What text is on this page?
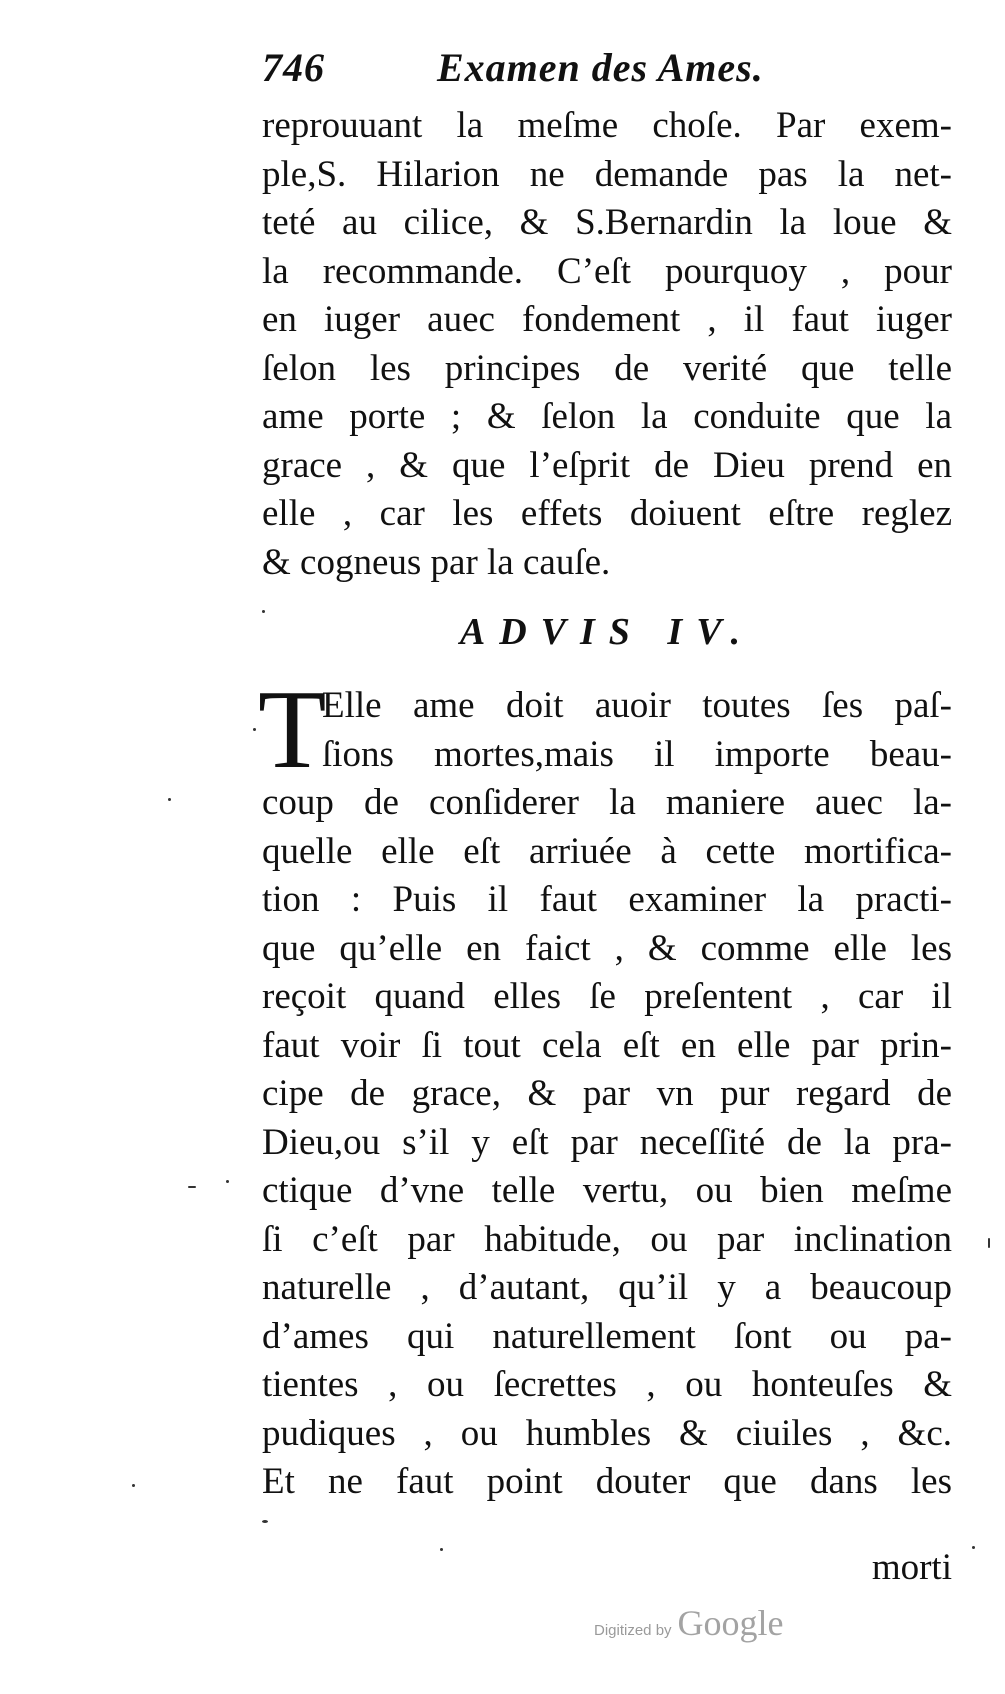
746	Examen des Ames.
reprouuant la meſme choſe. Par exem-
ple,S. Hilarion ne demande pas la net-
teté au cilice, & S.Bernardin la loue &
la recommande. C’eſt pourquoy , pour
en iuger auec fondement , il faut iuger
ſelon les principes de verité que telle
ame porte ; & ſelon la conduite que la
grace , & que l’eſprit de Dieu prend en
elle , car les effets doiuent eſtre reglez
& cogneus par la cauſe.
ADVIS IV.
T
Elle ame doit auoir toutes ſes paſ-
ſions mortes,mais il importe beau-
coup de conſiderer la maniere auec la-
quelle elle eſt arriuée à cette mortifica-
tion : Puis il faut examiner la practi-
que qu’elle en faict , & comme elle les
reçoit quand elles ſe preſentent , car il
faut voir ſi tout cela eſt en elle par prin-
cipe de grace, & par vn pur regard de
Dieu,ou s’il y eſt par neceſſité de la pra-
ctique d’vne telle vertu, ou bien meſme
ſi c’eſt par habitude, ou par inclination
naturelle , d’autant, qu’il y a beaucoup
d’ames qui naturellement ſont ou pa-
tientes , ou ſecrettes , ou honteuſes &
pudiques , ou humbles & ciuiles , &c.
Et ne faut point douter que dans les
morti
Digitized by Google
